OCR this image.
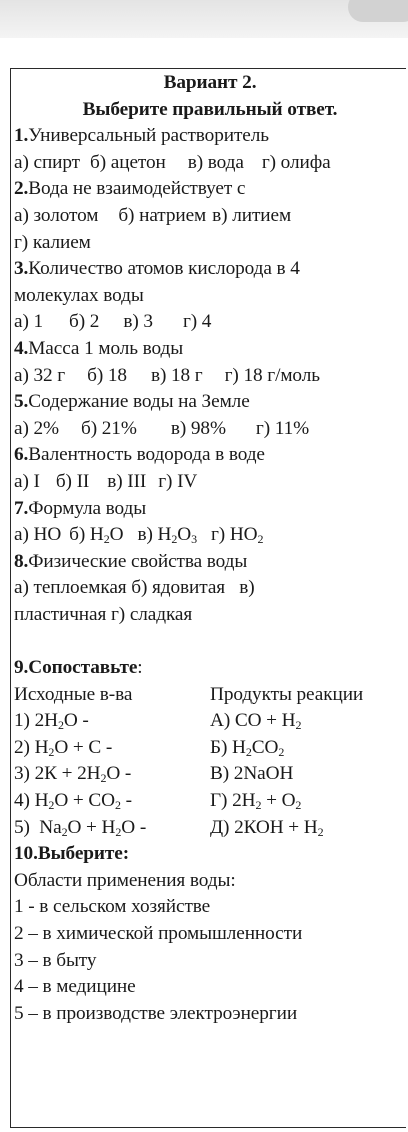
Вариант 2.
Выберите правильный ответ.
1.Универсальный растворитель
а) спирт б) ацетон в) вода г) олифа
2.Вода не взаимодействует с
а) золотом б) натрием в) литием
г) калием
3.Количество атомов кислорода в 4
молекулах воды
а) 1 б) 2 в) 3 г) 4
4.Масса 1 моль воды
а) 32 г б) 18 в) 18 г г) 18 г/моль
5.Содержание воды на Земле
а) 2% б) 21% в) 98% г) 11%
6.Валентность водорода в воде
а) I б) II в) III г) IV
7.Формула воды
а) НО б) $Н_2О$ в) $Н_2О_3$ г) $НО_2$
8.Физические свойства воды
а) теплоемкая б) ядовитая   в)
пластичная г) сладкая
9.Сопоставьте:
Исходные в-ва	Продукты реакции
1) $2Н_2О$ -	А) СО + $Н_2$
2) $Н_2О + С$ -	Б) $Н_2СО_2$
3) $2К + 2Н_2О$ -	В) 2NaOH
4) $Н_2О + СО_2$ -	Г) $2Н_2 + О_2$
5)  $Na_2O + H_2O$ -	Д) $2КОН + Н_2$
10.Выберите:
Области применения воды:
1 - в сельском хозяйстве
2 – в химической промышленности
3 – в быту
4 – в медицине
5 – в производстве электроэнергии
